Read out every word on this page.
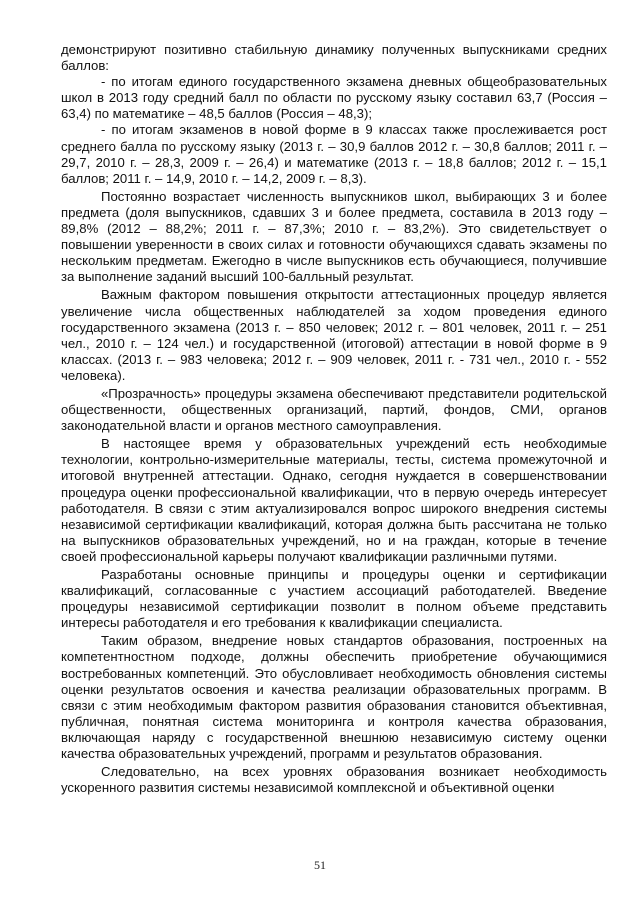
демонстрируют позитивно стабильную динамику полученных выпускниками средних баллов:

- по итогам единого государственного экзамена дневных общеобразовательных школ в 2013 году средний балл по области по русскому языку составил 63,7 (Россия – 63,4) по математике – 48,5 баллов (Россия – 48,3);

- по итогам экзаменов в новой форме в 9 классах также прослеживается рост среднего балла по русскому языку (2013 г. – 30,9 баллов 2012 г. – 30,8 баллов; 2011 г. – 29,7, 2010 г. – 28,3, 2009 г. – 26,4) и математике (2013 г. – 18,8 баллов; 2012 г. – 15,1 баллов; 2011 г. – 14,9, 2010 г. – 14,2, 2009 г. – 8,3).

Постоянно возрастает численность выпускников школ, выбирающих 3 и более предмета (доля выпускников, сдавших 3 и более предмета, составила в 2013 году – 89,8% (2012 – 88,2%; 2011 г. – 87,3%; 2010 г. – 83,2%). Это свидетельствует о повышении уверенности в своих силах и готовности обучающихся сдавать экзамены по нескольким предметам. Ежегодно в числе выпускников есть обучающиеся, получившие за выполнение заданий высший 100-балльный результат.

Важным фактором повышения открытости аттестационных процедур является увеличение числа общественных наблюдателей за ходом проведения единого государственного экзамена (2013 г. – 850 человек; 2012 г. – 801 человек, 2011 г. – 251 чел., 2010 г. – 124 чел.) и государственной (итоговой) аттестации в новой форме в 9 классах. (2013 г. – 983 человека; 2012 г. – 909 человек, 2011 г. - 731 чел., 2010 г. - 552 человека).

«Прозрачность» процедуры экзамена обеспечивают представители родительской общественности, общественных организаций, партий, фондов, СМИ, органов законодательной власти и органов местного самоуправления.

В настоящее время у образовательных учреждений есть необходимые технологии, контрольно-измерительные материалы, тесты, система промежуточной и итоговой внутренней аттестации. Однако, сегодня нуждается в совершенствовании процедура оценки профессиональной квалификации, что в первую очередь интересует работодателя. В связи с этим актуализировался вопрос широкого внедрения системы независимой сертификации квалификаций, которая должна быть рассчитана не только на выпускников образовательных учреждений, но и на граждан, которые в течение своей профессиональной карьеры получают квалификации различными путями.

Разработаны основные принципы и процедуры оценки и сертификации квалификаций, согласованные с участием ассоциаций работодателей. Введение процедуры независимой сертификации позволит в полном объеме представить интересы работодателя и его требования к квалификации специалиста.

Таким образом, внедрение новых стандартов образования, построенных на компетентностном подходе, должны обеспечить приобретение обучающимися востребованных компетенций. Это обусловливает необходимость обновления системы оценки результатов освоения и качества реализации образовательных программ. В связи с этим необходимым фактором развития образования становится объективная, публичная, понятная система мониторинга и контроля качества образования, включающая наряду с государственной внешнюю независимую систему оценки качества образовательных учреждений, программ и результатов образования.

Следовательно, на всех уровнях образования возникает необходимость ускоренного развития системы независимой комплексной и объективной оценки

51
